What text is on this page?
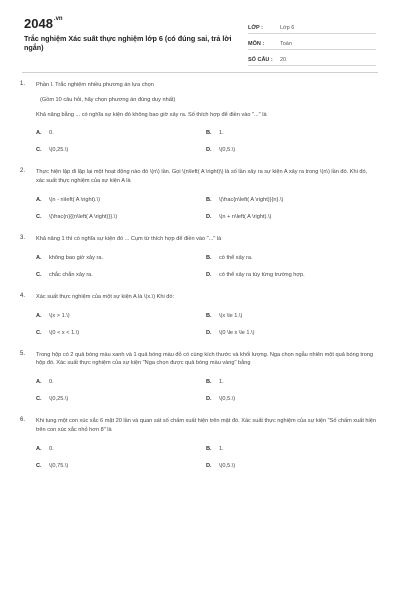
$2048^{.vn}$
Trắc nghiệm Xác suất thực nghiệm lớp 6 (có đúng sai, trả lời ngắn)
LỚP :	Lớp 6
MÔN :	Toán
SỐ CÂU :	20
1.	Phần I. Trắc nghiệm nhiều phương án lựa chọn
(Gồm 10 câu hỏi, hãy chọn phương án đúng duy nhất)
Khả năng bằng ... có nghĩa sự kiện đó không bao giờ xảy ra. Số thích hợp để điền vào "..." là
A.	0.	B.	1.
C.	\(0,25.\)	D.	\(0,5.\)
2.	Thực hiện lặp đi lặp lại một hoạt động nào đó \(n\) lần. Gọi \(n\left( A \right)\) là số lần xảy ra sự kiện A xảy ra trong \(n\) lần đó. Khi đó, xác suất thực nghiệm của sự kiện A là
A.	\(n - n\left( A \right).\)	B.	\(\frac{n\left( A \right)}{n}.\)
C.	\(\frac{n}{{n\left( A \right)}}.\)	D.	\(n + n\left( A \right).\)
3.	Khả năng 1 thì có nghĩa sự kiện đó ... Cụm từ thích hợp để điền vào "..." là
A.	không bao giờ xảy ra.	B.	có thể xảy ra.
C.	chắc chắn xảy ra.	D.	có thể xảy ra tùy từng trường hợp.
4.	Xác suất thực nghiệm của một sự kiện A là \(x.\) Khi đó:
A.	\(x > 1.\)	B.	\(x \le 1.\)
C.	\(0 < x < 1.\)	D.	\(0 \le x \le 1.\)
5.	Trong hộp có 2 quả bóng màu xanh và 1 quả bóng màu đỏ có cùng kích thước và khối lượng. Nga chọn ngẫu nhiên một quả bóng trong hộp đó. Xác suất thực nghiệm của sự kiện "Nga chọn được quả bóng màu vàng" bằng
A.	0.	B.	1.
C.	\(0,25.\)	D.	\(0,5.\)
6.	Khi tung một con xúc xắc 6 mặt 20 lần và quan sát số chấm xuất hiện trên mặt đó. Xác suất thực nghiệm của sự kiện "Số chấm xuất hiện trên con xúc xắc nhỏ hơn 8" là
A.	0.	B.	1.
C.	\(0,75.\)	D.	\(0,5.\)
